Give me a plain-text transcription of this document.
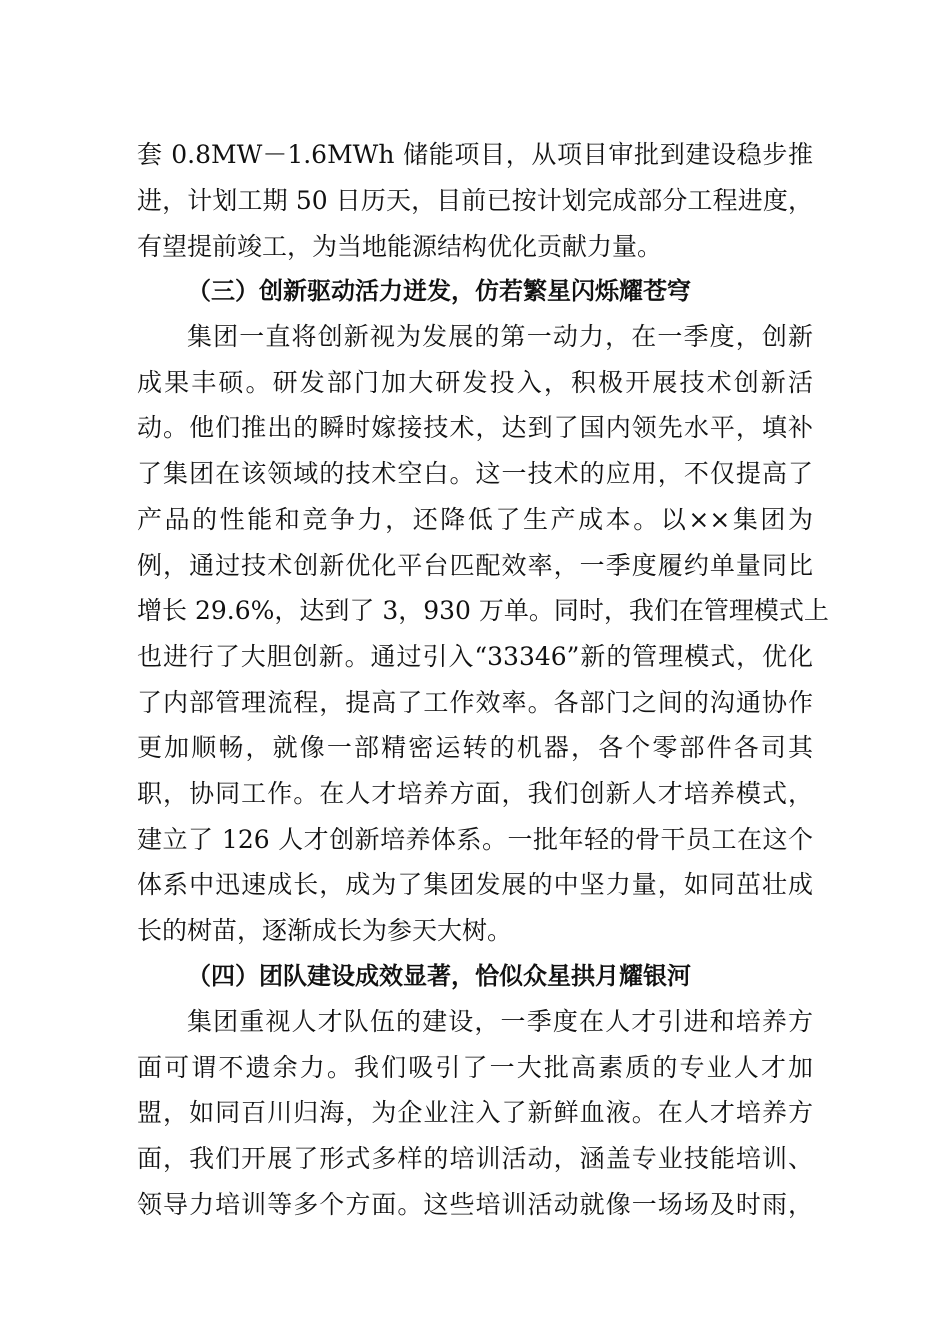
套 0.8MW－1.6MWh 储能项目，从项目审批到建设稳步推
进，计划工期 50 日历天，目前已按计划完成部分工程进度，
有望提前竣工，为当地能源结构优化贡献力量。
（三）创新驱动活力迸发，仿若繁星闪烁耀苍穹
集团一直将创新视为发展的第一动力，在一季度，创新
成果丰硕。研发部门加大研发投入，积极开展技术创新活
动。他们推出的瞬时嫁接技术，达到了国内领先水平，填补
了集团在该领域的技术空白。这一技术的应用，不仅提高了
产品的性能和竞争力，还降低了生产成本。以××集团为
例，通过技术创新优化平台匹配效率，一季度履约单量同比
增长 29.6%，达到了 3，930 万单。同时，我们在管理模式上
也进行了大胆创新。通过引入“33346”新的管理模式，优化
了内部管理流程，提高了工作效率。各部门之间的沟通协作
更加顺畅，就像一部精密运转的机器，各个零部件各司其
职，协同工作。在人才培养方面，我们创新人才培养模式，
建立了 126 人才创新培养体系。一批年轻的骨干员工在这个
体系中迅速成长，成为了集团发展的中坚力量，如同茁壮成
长的树苗，逐渐成长为参天大树。
（四）团队建设成效显著，恰似众星拱月耀银河
集团重视人才队伍的建设，一季度在人才引进和培养方
面可谓不遗余力。我们吸引了一大批高素质的专业人才加
盟，如同百川归海，为企业注入了新鲜血液。在人才培养方
面，我们开展了形式多样的培训活动，涵盖专业技能培训、
领导力培训等多个方面。这些培训活动就像一场场及时雨，
